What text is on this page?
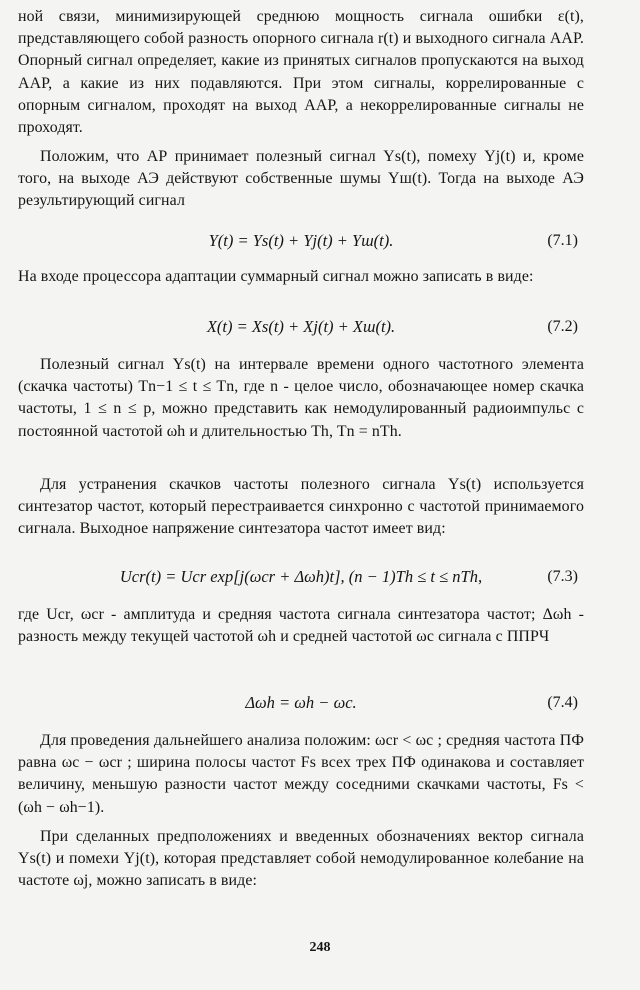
ной связи, минимизирующей среднюю мощность сигнала ошибки ε(t), представляющего собой разность опорного сигнала r(t) и выходного сигнала ААР. Опорный сигнал определяет, какие из принятых сигналов пропускаются на выход ААР, а какие из них подавляются. При этом сигналы, коррелированные с опорным сигналом, проходят на выход ААР, а некоррелированные сигналы не проходят.

Положим, что АР принимает полезный сигнал Ys(t), помеху Yj(t) и, кроме того, на выходе АЭ действуют собственные шумы Yш(t). Тогда на выходе АЭ результирующий сигнал

Y(t) = Ys(t) + Yj(t) + Yш(t).	(7.1)

На входе процессора адаптации суммарный сигнал можно записать в виде:

X(t) = Xs(t) + Xj(t) + Xш(t).	(7.2)

Полезный сигнал Ys(t) на интервале времени одного частотного элемента (скачка частоты) Tn−1 ≤ t ≤ Tn, где n - целое число, обозначающее номер скачка частоты, 1 ≤ n ≤ p, можно представить как немодулированный радиоимпульс с постоянной частотой ωh и длительностью Th, Tn = nTh.

Для устранения скачков частоты полезного сигнала Ys(t) используется синтезатор частот, который перестраивается синхронно с частотой принимаемого сигнала. Выходное напряжение синтезатора частот имеет вид:

Ucr(t) = Ucr exp[j(ωcr + Δωh)t], (n − 1)Th ≤ t ≤ nTh,	(7.3)

где Ucr, ωcr - амплитуда и средняя частота сигнала синтезатора частот; Δωh - разность между текущей частотой ωh и средней частотой ωc сигнала с ППРЧ

Δωh = ωh − ωc.	(7.4)

Для проведения дальнейшего анализа положим: ωcr < ωc ; средняя частота ПФ равна ωc − ωcr ; ширина полосы частот Fs всех трех ПФ одинакова и составляет величину, меньшую разности частот между соседними скачками частоты, Fs < (ωh − ωh−1).

При сделанных предположениях и введенных обозначениях вектор сигнала Ys(t) и помехи Yj(t), которая представляет собой немодулированное колебание на частоте ωj, можно записать в виде:

248
